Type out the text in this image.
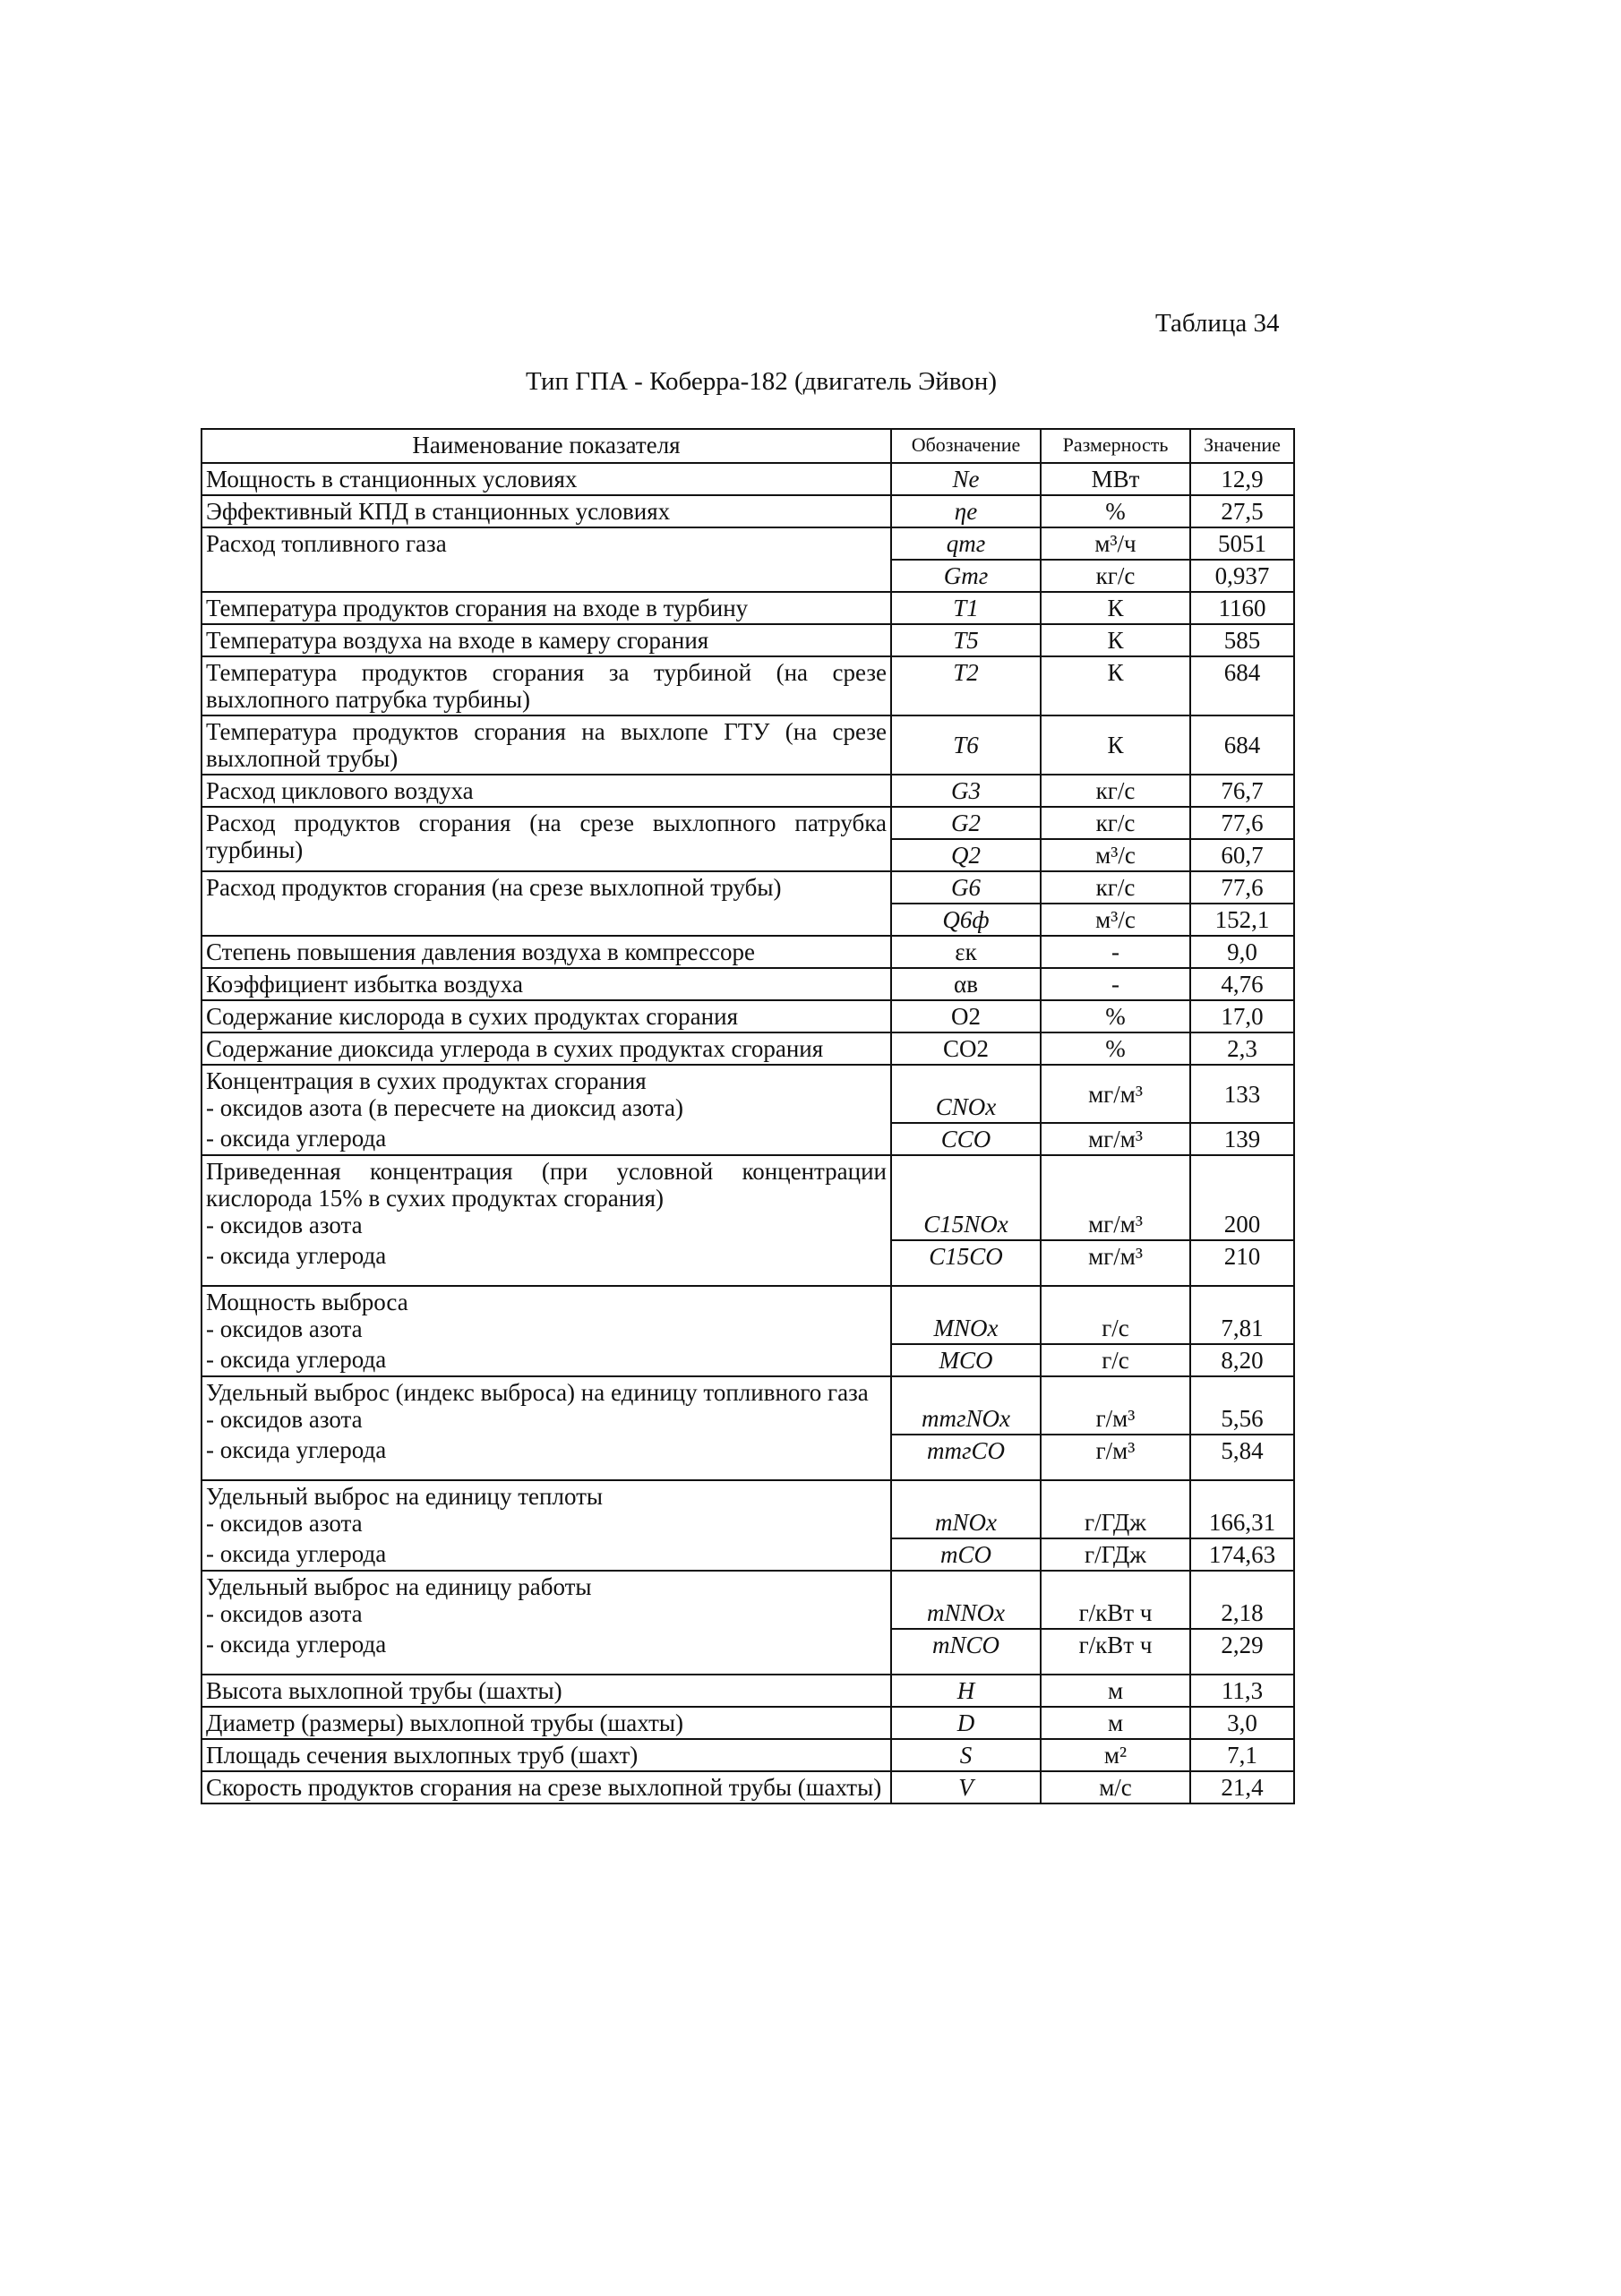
Таблица 34
Тип ГПА - Коберра-182 (двигатель Эйвон)
Наименование показателя	Обозначение	Размерность	Значение
Мощность в станционных условиях	Ne	МВт	12,9
Эффективный КПД в станционных условиях	ηe	%	27,5
Расход топливного газа	qтг	м³/ч	5051
	Gтг	кг/с	0,937
Температура продуктов сгорания на входе в турбину	T1	К	1160
Температура воздуха на входе в камеру сгорания	T5	К	585
Температура продуктов сгорания за турбиной (на срезе выхлопного патрубка турбины)	T2	К	684
Температура продуктов сгорания на выхлопе ГТУ (на срезе выхлопной трубы)	T6	К	684
Расход циклового воздуха	G3	кг/с	76,7
Расход продуктов сгорания (на срезе выхлопного патрубка турбины)	G2	кг/с	77,6
	Q2	м³/с	60,7
Расход продуктов сгорания (на срезе выхлопной трубы)	G6	кг/с	77,6
	Q6ф	м³/с	152,1
Степень повышения давления воздуха в компрессоре	εк	-	9,0
Коэффициент избытка воздуха	αв	-	4,76
Содержание кислорода в сухих продуктах сгорания	O2	%	17,0
Содержание диоксида углерода в сухих продуктах сгорания	CO2	%	2,3

Концентрация в сухих продуктах сгорания
- оксидов азота (в пересчете на диоксид азота)	CNOx	мг/м³	133
- оксида углерода	CCO	мг/м³	139

Приведенная концентрация (при условной концентрации кислорода 15% в сухих продуктах сгорания)
- оксидов азота	C15NOx	мг/м³	200
- оксида углерода	C15CO	мг/м³	210

Мощность выброса
- оксидов азота	MNOx	г/с	7,81
- оксида углерода	MCO	г/с	8,20

Удельный выброс (индекс выброса) на единицу топливного газа
- оксидов азота	mтгNOx	г/м³	5,56
- оксида углерода	mтгCO	г/м³	5,84

Удельный выброс на единицу теплоты
- оксидов азота	mNOx	г/ГДж	166,31
- оксида углерода	mCO	г/ГДж	174,63

Удельный выброс на единицу работы
- оксидов азота	mNNOx	г/кВт ч	2,18
- оксида углерода	mNCO	г/кВт ч	2,29
Высота выхлопной трубы (шахты)	H	м	11,3
Диаметр (размеры) выхлопной трубы (шахты)	D	м	3,0
Площадь сечения выхлопных труб (шахт)	S	м²	7,1
Скорость продуктов сгорания на срезе выхлопной трубы (шахты)	V	м/с	21,4
